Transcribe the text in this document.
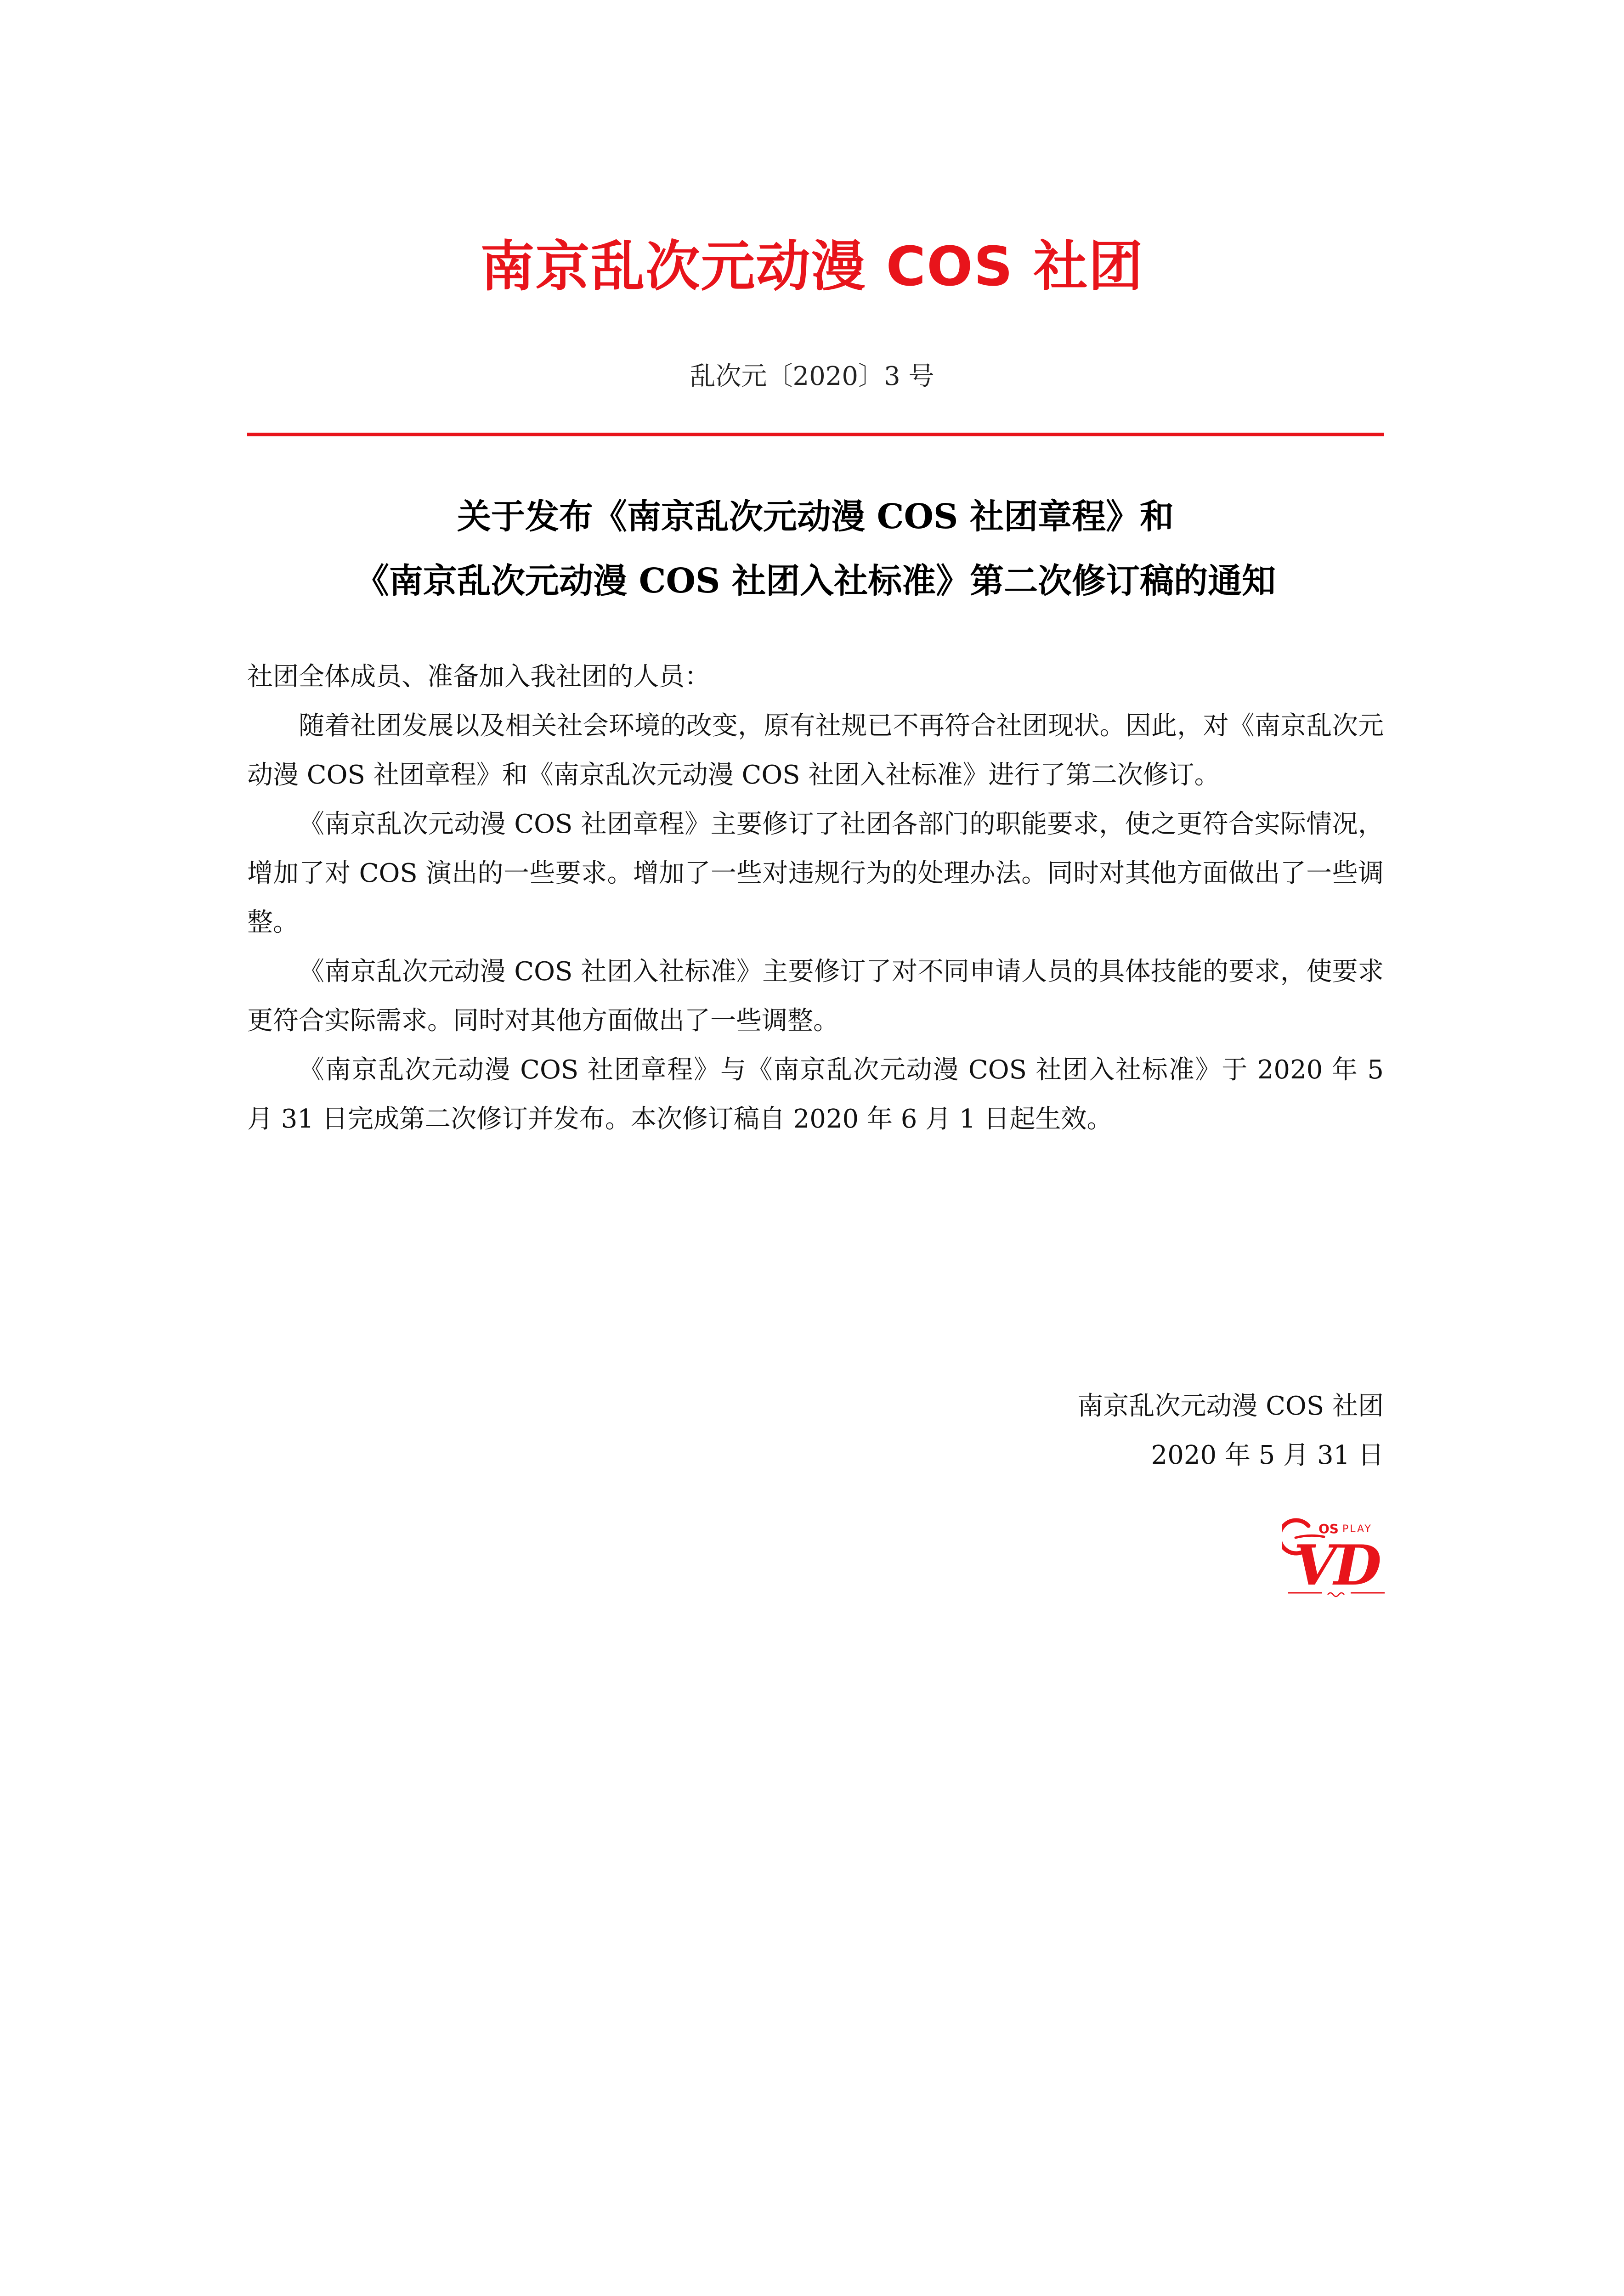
南京乱次元动漫 COS 社团
乱次元〔2020〕3 号
关于发布《南京乱次元动漫 COS 社团章程》和
《南京乱次元动漫 COS 社团入社标准》第二次修订稿的通知

社团全体成员、准备加入我社团的人员：

随着社团发展以及相关社会环境的改变，原有社规已不再符合社团现状。因此，对《南京乱次元动漫 COS 社团章程》和《南京乱次元动漫 COS 社团入社标准》进行了第二次修订。

《南京乱次元动漫 COS 社团章程》主要修订了社团各部门的职能要求，使之更符合实际情况，增加了对 COS 演出的一些要求。增加了一些对违规行为的处理办法。同时对其他方面做出了一些调整。

《南京乱次元动漫 COS 社团入社标准》主要修订了对不同申请人员的具体技能的要求，使要求更符合实际需求。同时对其他方面做出了一些调整。

《南京乱次元动漫 COS 社团章程》与《南京乱次元动漫 COS 社团入社标准》于 2020 年 5 月 31 日完成第二次修订并发布。本次修订稿自 2020 年 6 月 1 日起生效。

南京乱次元动漫 COS 社团
2020 年 5 月 31 日
OS PLAY
VD
